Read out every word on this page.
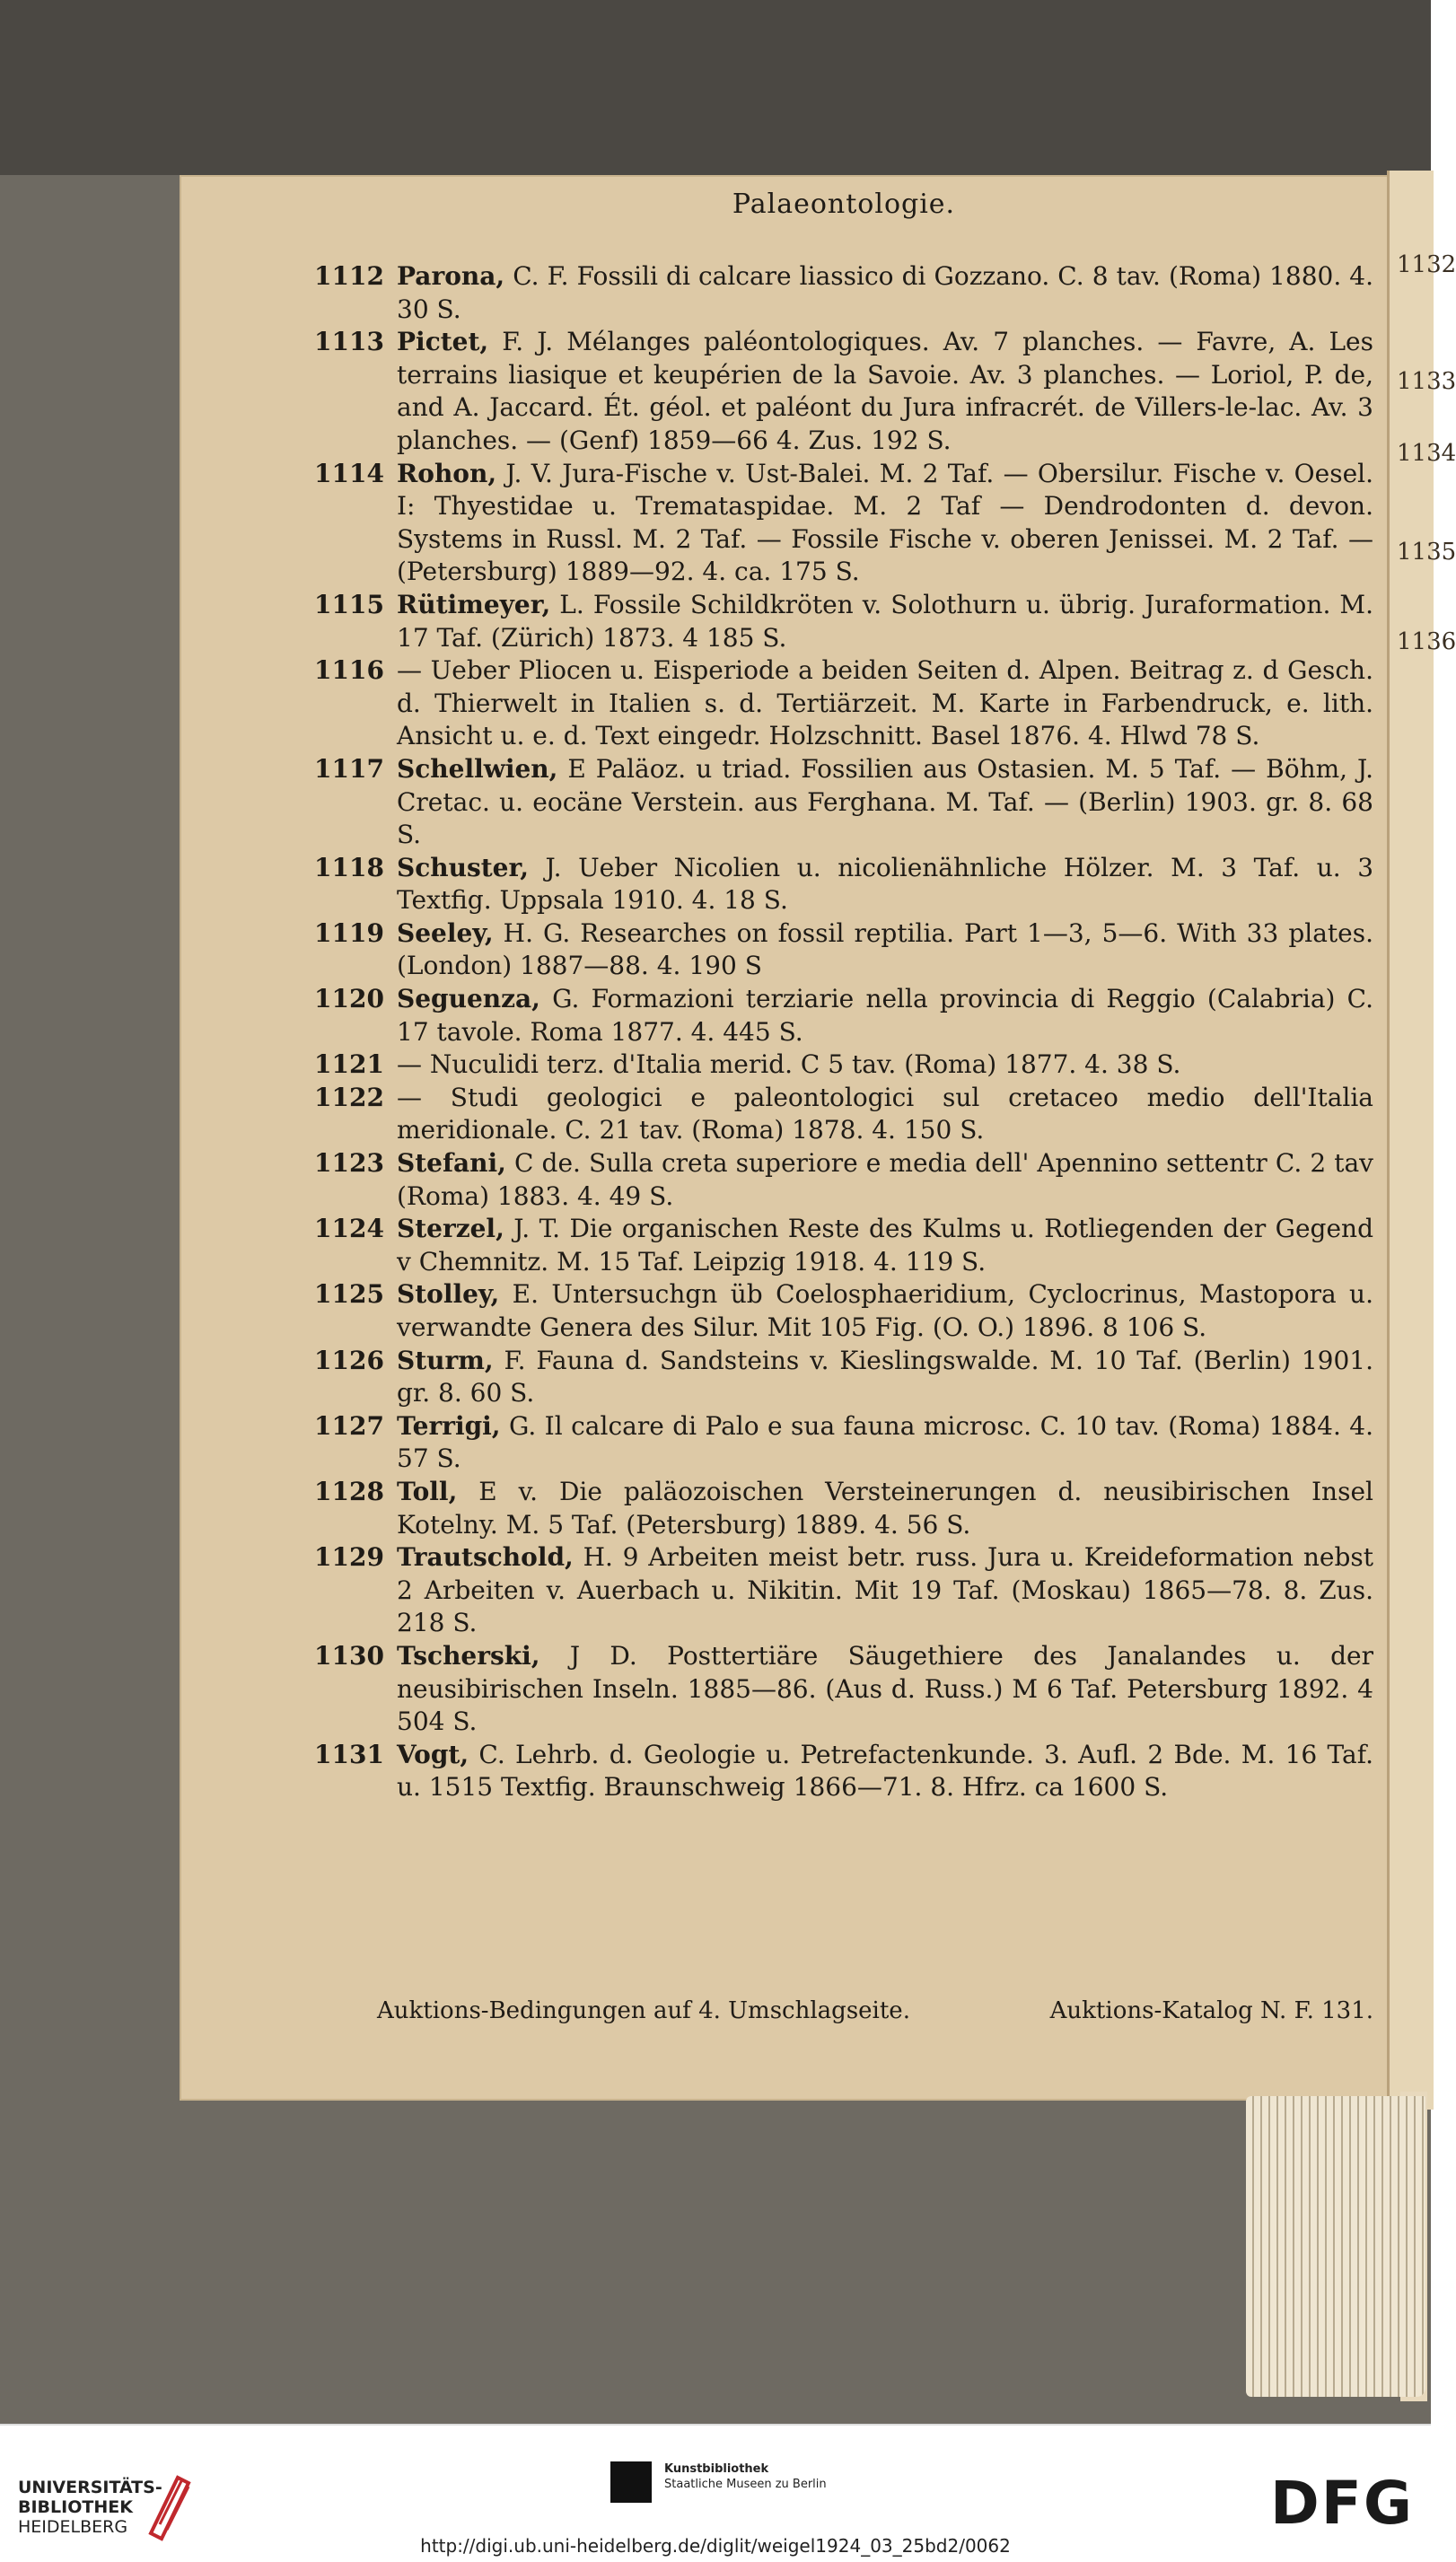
1132
1133
1134
1135
1136
Palaeontologie.
1112 Parona, C. F. Fossili di calcare liassico di Gozzano. C. 8 tav. (Roma) 1880. 4. 30 S.
1113 Pictet, F. J. Mélanges paléontologiques. Av. 7 planches. — Favre, A. Les terrains liasique et keupérien de la Savoie. Av. 3 planches. — Loriol, P. de, and A. Jaccard. Ét. géol. et paléont du Jura infracrét. de Villers-le-lac. Av. 3 planches. — (Genf) 1859—66 4. Zus. 192 S.
1114 Rohon, J. V. Jura-Fische v. Ust-Balei. M. 2 Taf. — Obersilur. Fische v. Oesel. I: Thyestidae u. Trematаspidae. M. 2 Taf — Dendrodonten d. devon. Systems in Russl. M. 2 Taf. — Fossile Fische v. oberen Jenissei. M. 2 Taf. — (Petersburg) 1889—92. 4. ca. 175 S.
1115 Rütimeyer, L. Fossile Schildkröten v. Solothurn u. übrig. Juraformation. M. 17 Taf. (Zürich) 1873. 4 185 S.
1116 — Ueber Pliocen u. Eisperiode a beiden Seiten d. Alpen. Beitrag z. d Gesch. d. Thierwelt in Italien s. d. Tertiärzeit. M. Karte in Farbendruck, e. lith. Ansicht u. e. d. Text eingedr. Holzschnitt. Basel 1876. 4. Hlwd 78 S.
1117 Schellwien, E Paläoz. u triad. Fossilien aus Ostasien. M. 5 Taf. — Böhm, J. Cretac. u. eocäne Verstein. aus Ferghana. M. Taf. — (Berlin) 1903. gr. 8. 68 S.
1118 Schuster, J. Ueber Nicolien u. nicolienähnliche Hölzer. M. 3 Taf. u. 3 Textfig. Uppsala 1910. 4. 18 S.
1119 Seeley, H. G. Researches on fossil reptilia. Part 1—3, 5—6. With 33 plates. (London) 1887—88. 4. 190 S
1120 Seguenza, G. Formazioni terziarie nella provincia di Reggio (Calabria) C. 17 tavole. Roma 1877. 4. 445 S.
1121 — Nuculidi terz. d'Italia merid. C 5 tav. (Roma) 1877. 4. 38 S.
1122 — Studi geologici e paleontologici sul cretaceo medio dell'Italia meridionale. C. 21 tav. (Roma) 1878. 4. 150 S.
1123 Stefani, C de. Sulla creta superiore e media dell' Apennino settentr C. 2 tav (Roma) 1883. 4. 49 S.
1124 Sterzel, J. T. Die organischen Reste des Kulms u. Rotliegenden der Gegend v Chemnitz. M. 15 Taf. Leipzig 1918. 4. 119 S.
1125 Stolley, E. Untersuchgn üb Coelosphaeridium, Cyclocrinus, Mastopora u. verwandte Genera des Silur. Mit 105 Fig. (O. O.) 1896. 8 106 S.
1126 Sturm, F. Fauna d. Sandsteins v. Kieslingswalde. M. 10 Taf. (Berlin) 1901. gr. 8. 60 S.
1127 Terrigi, G. Il calcare di Palo e sua fauna microsc. C. 10 tav. (Roma) 1884. 4. 57 S.
1128 Toll, E v. Die paläozoischen Versteinerungen d. neusibirischen Insel Kotelny. M. 5 Taf. (Petersburg) 1889. 4. 56 S.
1129 Trautschold, H. 9 Arbeiten meist betr. russ. Jura u. Kreideformation nebst 2 Arbeiten v. Auerbach u. Nikitin. Mit 19 Taf. (Moskau) 1865—78. 8. Zus. 218 S.
1130 Tscherski, J D. Posttertiäre Säugethiere des Janalandes u. der neusibirischen Inseln. 1885—86. (Aus d. Russ.) M 6 Taf. Petersburg 1892. 4 504 S.
1131 Vogt, C. Lehrb. d. Geologie u. Petrefactenkunde. 3. Aufl. 2 Bde. M. 16 Taf. u. 1515 Textfig. Braunschweig 1866—71. 8. Hfrz. ca 1600 S.
Auktions-Bedingungen auf 4. Umschlagseite.	Auktions-Katalog N. F. 131.
UNIVERSITÄTS-
BIBLIOTHEK
HEIDELBERG
Kunstbibliothek
Staatliche Museen zu Berlin	DFG
http://digi.ub.uni-heidelberg.de/diglit/weigel1924_03_25bd2/0062
